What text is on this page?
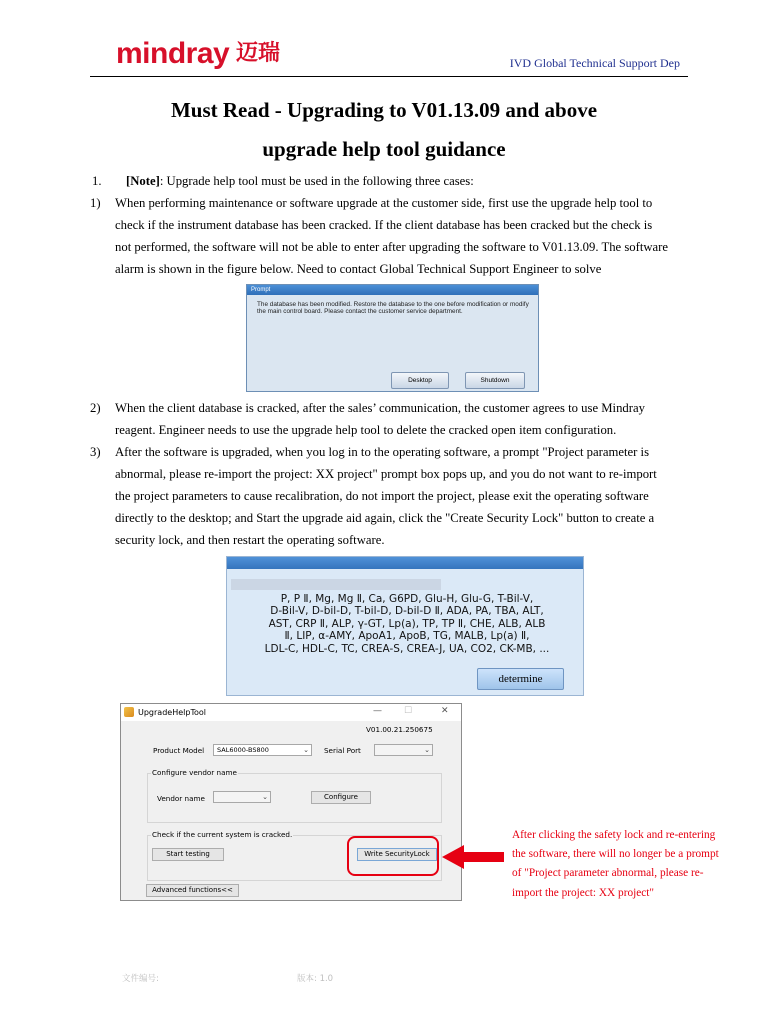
mindray 迈瑞	IVD Global Technical Support Dep
Must Read - Upgrading to V01.13.09 and above
upgrade help tool guidance
1. [Note]: Upgrade help tool must be used in the following three cases:
1) When performing maintenance or software upgrade at the customer side, first use the upgrade help tool to
check if the instrument database has been cracked. If the client database has been cracked but the check is
not performed, the software will not be able to enter after upgrading the software to V01.13.09. The software
alarm is shown in the figure below. Need to contact Global Technical Support Engineer to solve
Prompt
The database has been modified. Restore the database to the one before modification or modify the main control board. Please contact the customer service department.
Desktop	Shutdown
2) When the client database is cracked, after the sales’ communication, the customer agrees to use Mindray
reagent. Engineer needs to use the upgrade help tool to delete the cracked open item configuration.
3) After the software is upgraded, when you log in to the operating software, a prompt "Project parameter is
abnormal, please re-import the project: XX project" prompt box pops up, and you do not want to re-import
the project parameters to cause recalibration, do not import the project, please exit the operating software
directly to the desktop; and Start the upgrade aid again, click the "Create Security Lock" button to create a
security lock, and then restart the operating software.
P, P Ⅱ, Mg, Mg Ⅱ, Ca, G6PD, Glu-H, Glu-G, T-Bil-V,
D-Bil-V, D-bil-D, T-bil-D, D-bil-D Ⅱ, ADA, PA, TBA, ALT,
AST, CRP Ⅱ, ALP, γ-GT, Lp(a), TP, TP Ⅱ, CHE, ALB, ALB
Ⅱ, LIP, α-AMY, ApoA1, ApoB, TG, MALB, Lp(a) Ⅱ,
LDL-C, HDL-C, TC, CREA-S, CREA-J, UA, CO2, CK-MB, ...
determine
UpgradeHelpTool	— ☐	✕
V01.00.21.250675
Product Model	SAL6000-BS800	⌄ Serial Port	⌄
Configure vendor name
Vendor name	⌄	Configure
Check if the current system is cracked.
Start testing	Write SecurityLock
Advanced functions<<
After clicking the safety lock and re-entering
the software, there will no longer be a prompt
of "Project parameter abnormal, please re-
import the project: XX project"
文件编号:	版本: 1.0
